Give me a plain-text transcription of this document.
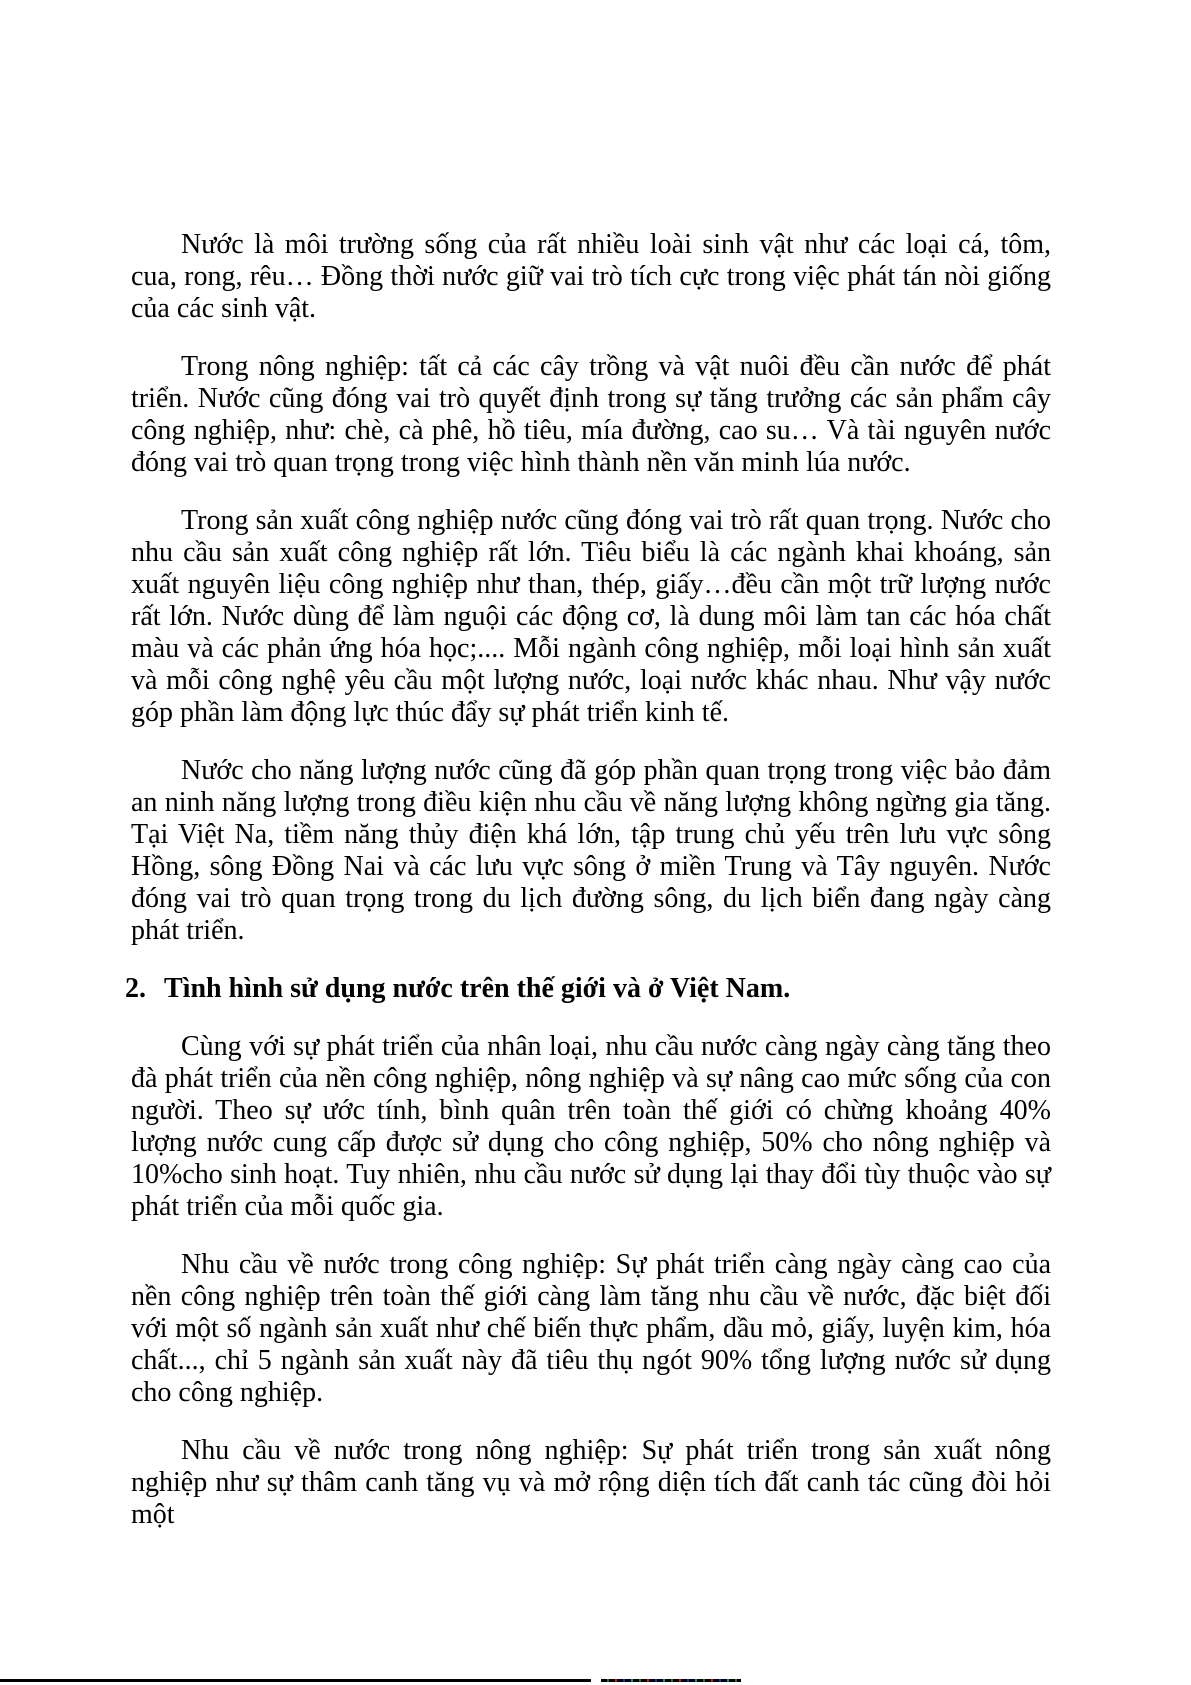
Nước là môi trường sống của rất nhiều loài sinh vật như các loại cá, tôm, cua, rong, rêu… Đồng thời nước giữ vai trò tích cực trong việc phát tán nòi giống của các sinh vật.

Trong nông nghiệp: tất cả các cây trồng và vật nuôi đều cần nước để phát triển. Nước cũng đóng vai trò quyết định trong sự tăng trưởng các sản phẩm cây công nghiệp, như: chè, cà phê, hồ tiêu, mía đường, cao su… Và tài nguyên nước đóng vai trò quan trọng trong việc hình thành nền văn minh lúa nước.

Trong sản xuất công nghiệp nước cũng đóng vai trò rất quan trọng. Nước cho nhu cầu sản xuất công nghiệp rất lớn. Tiêu biểu là các ngành khai khoáng, sản xuất nguyên liệu công nghiệp như than, thép, giấy…đều cần một trữ lượng nước rất lớn. Nước dùng để làm nguội các động cơ, là dung môi làm tan các hóa chất màu và các phản ứng hóa học;.... Mỗi ngành công nghiệp, mỗi loại hình sản xuất và mỗi công nghệ yêu cầu một lượng nước, loại nước khác nhau. Như vậy nước góp phần làm động lực thúc đẩy sự phát triển kinh tế.

Nước cho năng lượng nước cũng đã góp phần quan trọng trong việc bảo đảm an ninh năng lượng trong điều kiện nhu cầu về năng lượng không ngừng gia tăng. Tại Việt Na, tiềm năng thủy điện khá lớn, tập trung chủ yếu trên lưu vực sông Hồng, sông Đồng Nai và các lưu vực sông ở miền Trung và Tây nguyên. Nước đóng vai trò quan trọng trong du lịch đường sông, du lịch biển đang ngày càng phát triển.

2. Tình hình sử dụng nước trên thế giới và ở Việt Nam.

Cùng với sự phát triển của nhân loại, nhu cầu nước càng ngày càng tăng theo đà phát triển của nền công nghiệp, nông nghiệp và sự nâng cao mức sống của con người. Theo sự ước tính, bình quân trên toàn thế giới có chừng khoảng 40% lượng nước cung cấp được sử dụng cho công nghiệp, 50% cho nông nghiệp và 10%cho sinh hoạt. Tuy nhiên, nhu cầu nước sử dụng lại thay đổi tùy thuộc vào sự phát triển của mỗi quốc gia.

Nhu cầu về nước trong công nghiệp: Sự phát triển càng ngày càng cao của nền công nghiệp trên toàn thế giới càng làm tăng nhu cầu về nước, đặc biệt đối với một số ngành sản xuất như chế biến thực phẩm, dầu mỏ, giấy, luyện kim, hóa chất..., chỉ 5 ngành sản xuất này đã tiêu thụ ngót 90% tổng lượng nước sử dụng cho công nghiệp.

Nhu cầu về nước trong nông nghiệp: Sự phát triển trong sản xuất nông nghiệp như sự thâm canh tăng vụ và mở rộng diện tích đất canh tác cũng đòi hỏi một
